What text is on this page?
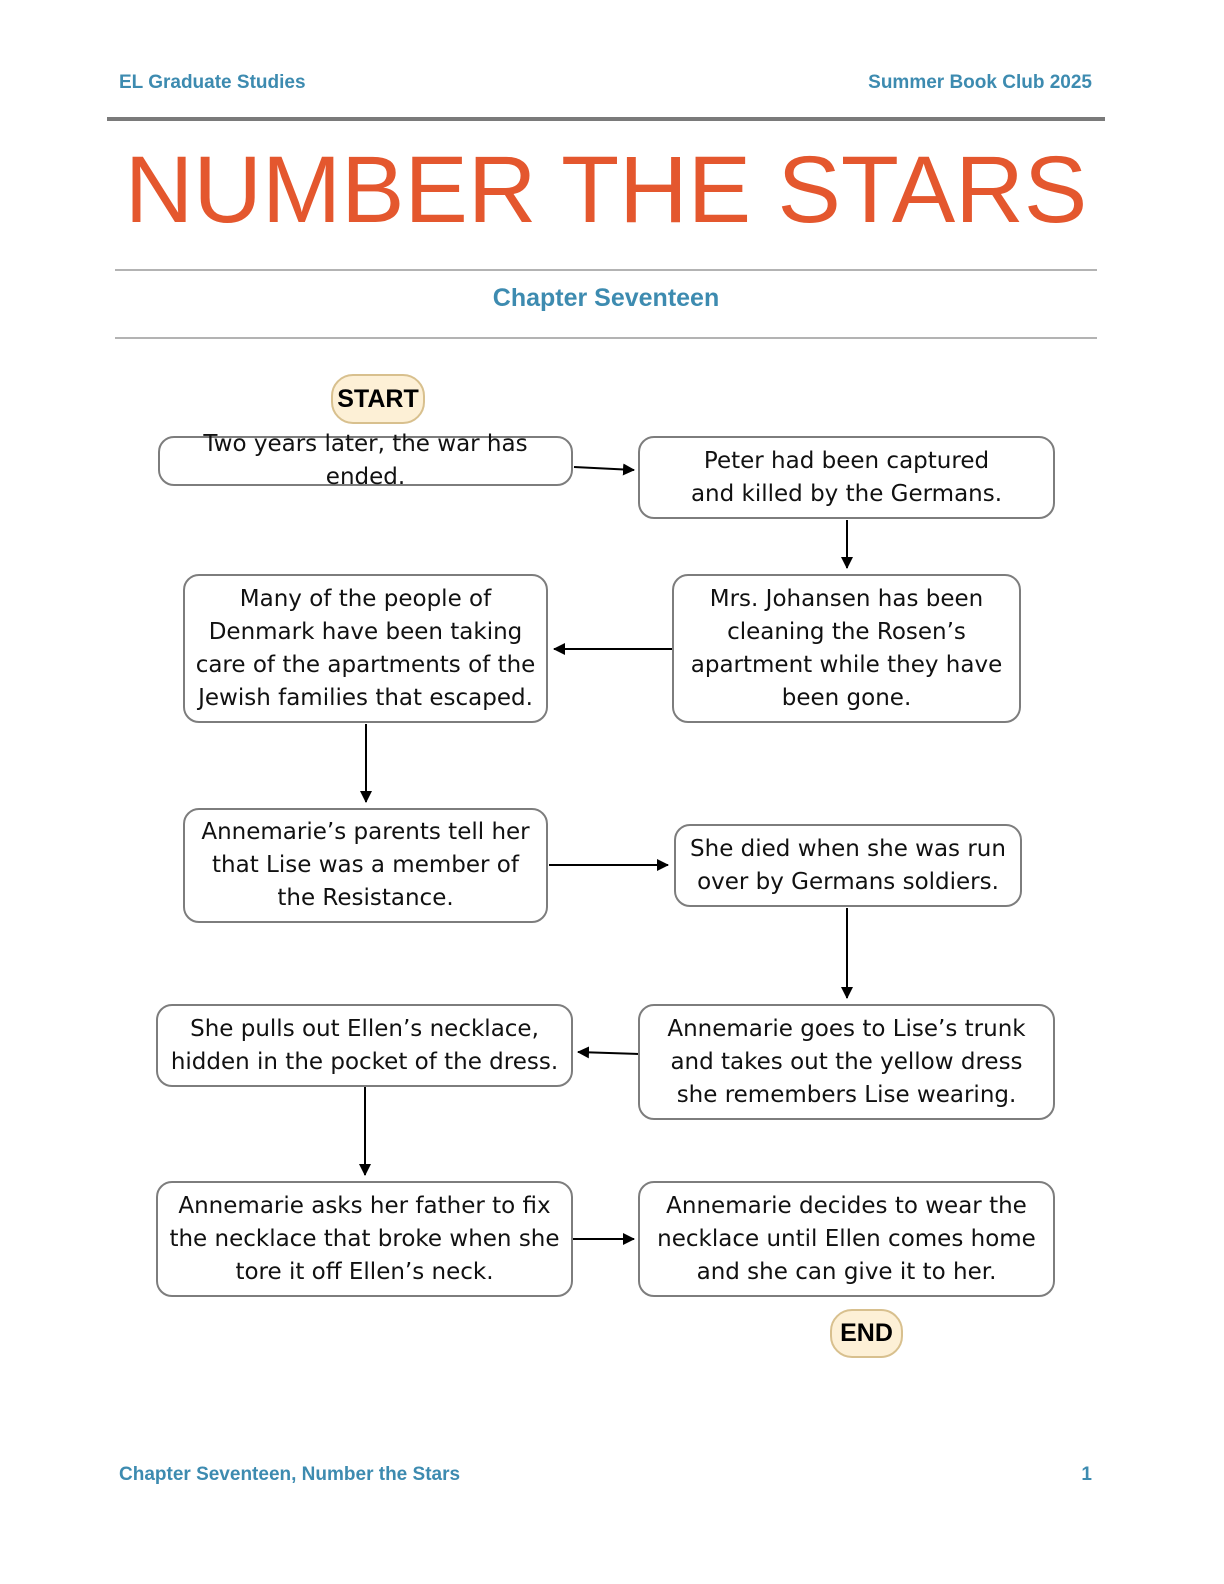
EL Graduate Studies	Summer Book Club 2025
NUMBER THE STARS
Chapter Seventeen
START
Two years later, the war has ended.
Peter had been captured and killed by the Germans.
Mrs. Johansen has been cleaning the Rosen’s apartment while they have been gone.
Many of the people of Denmark have been taking care of the apartments of the Jewish families that escaped.
Annemarie’s parents tell her that Lise was a member of the Resistance.
She died when she was run over by Germans soldiers.
Annemarie goes to Lise’s trunk and takes out the yellow dress she remembers Lise wearing.
She pulls out Ellen’s necklace, hidden in the pocket of the dress.
Annemarie asks her father to fix the necklace that broke when she tore it off Ellen’s neck.
Annemarie decides to wear the necklace until Ellen comes home and she can give it to her.
END
Chapter Seventeen, Number the Stars	1
